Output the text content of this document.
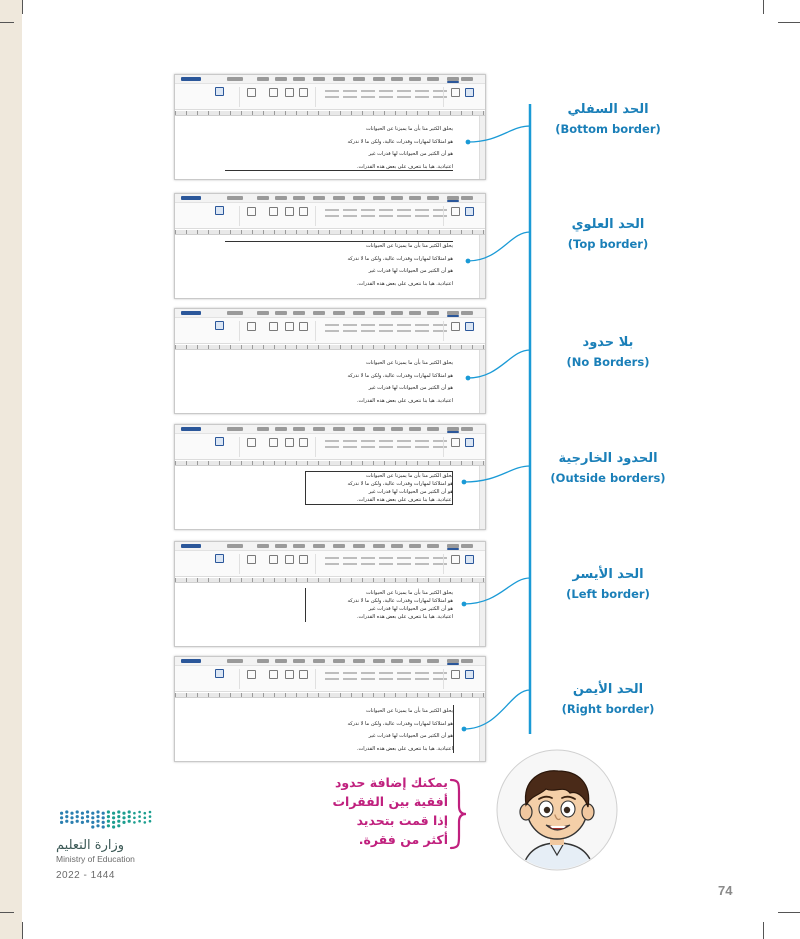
يحلق الكثير منا بأن ما يميزنا عن الحيوانات
هو امتلاكنا لمهارات وقدرات عالية، ولكن ما لا ندركه
هو أن الكثير من الحيوانات لها قدرات غير
اعتيادية. هيا بنا نتعرف على بعض هذه القدرات.
يحلق الكثير منا بأن ما يميزنا عن الحيوانات
هو امتلاكنا لمهارات وقدرات عالية، ولكن ما لا ندركه
هو أن الكثير من الحيوانات لها قدرات غير
اعتيادية. هيا بنا نتعرف على بعض هذه القدرات.
يحلق الكثير منا بأن ما يميزنا عن الحيوانات
هو امتلاكنا لمهارات وقدرات عالية، ولكن ما لا ندركه
هو أن الكثير من الحيوانات لها قدرات غير
اعتيادية. هيا بنا نتعرف على بعض هذه القدرات.
يحلق الكثير منا بأن ما يميزنا عن الحيوانات
هو امتلاكنا لمهارات وقدرات عالية، ولكن ما لا ندركه
هو أن الكثير من الحيوانات لها قدرات غير
اعتيادية. هيا بنا نتعرف على بعض هذه القدرات.
يحلق الكثير منا بأن ما يميزنا عن الحيوانات
هو امتلاكنا لمهارات وقدرات عالية، ولكن ما لا ندركه
هو أن الكثير من الحيوانات لها قدرات غير
اعتيادية. هيا بنا نتعرف على بعض هذه القدرات.
يحلق الكثير منا بأن ما يميزنا عن الحيوانات
هو امتلاكنا لمهارات وقدرات عالية، ولكن ما لا ندركه
هو أن الكثير من الحيوانات لها قدرات غير
اعتيادية. هيا بنا نتعرف على بعض هذه القدرات.
الحد السفلي
(Bottom border)
الحد العلوي
(Top border)
بلا حدود
(No Borders)
الحدود الخارجية
(Outside borders)
الحد الأيسر
(Left border)
الحد الأيمن
(Right border)
يمكنك إضافة حدود
أفقية بين الفقرات
إذا قمت بتحديد
أكثر من فقرة.
وزارة التعليم
Ministry of Education
2022 - 1444
74
